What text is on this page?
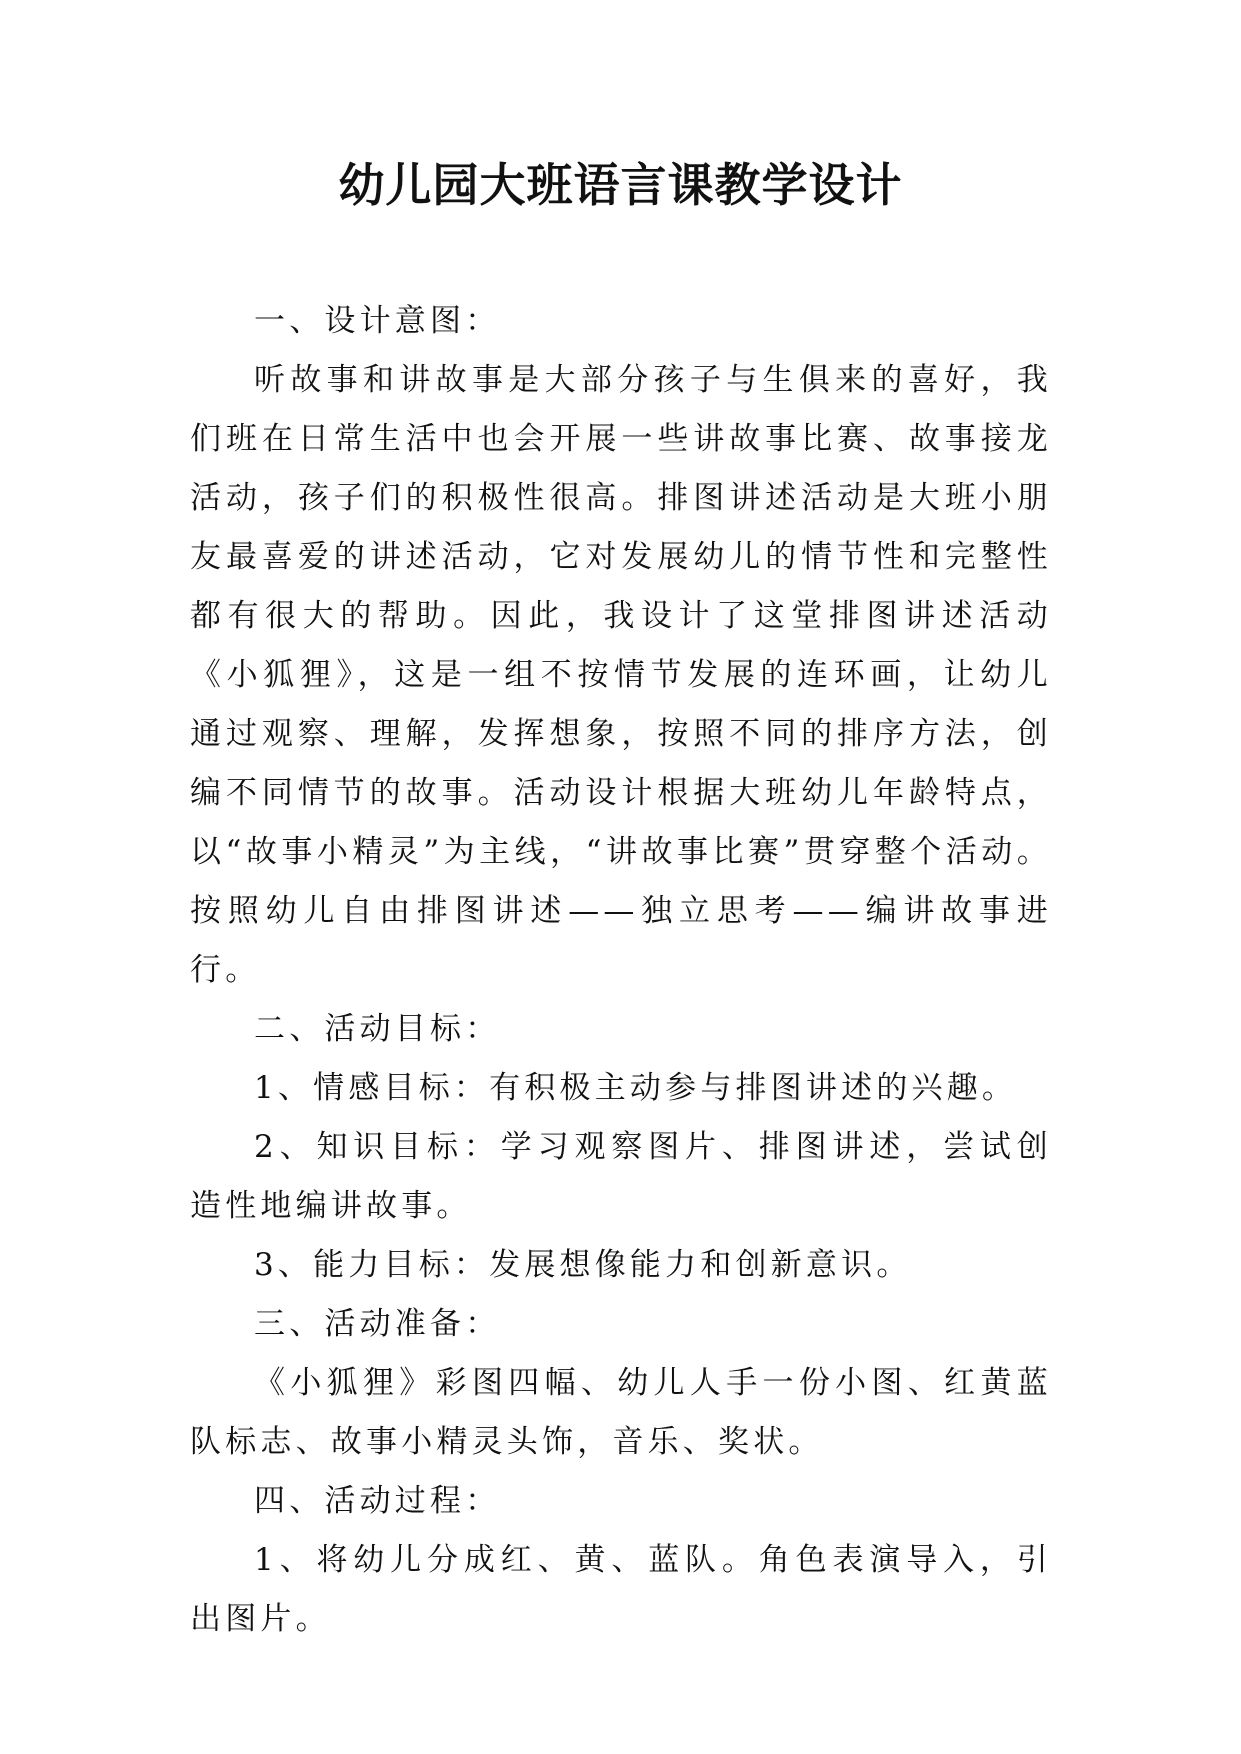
幼儿园大班语言课教学设计

一、设计意图：

听故事和讲故事是大部分孩子与生俱来的喜好，我们班在日常生活中也会开展一些讲故事比赛、故事接龙活动，孩子们的积极性很高。排图讲述活动是大班小朋友最喜爱的讲述活动，它对发展幼儿的情节性和完整性都有很大的帮助。因此，我设计了这堂排图讲述活动《小狐狸》，这是一组不按情节发展的连环画，让幼儿通过观察、理解，发挥想象，按照不同的排序方法，创编不同情节的故事。活动设计根据大班幼儿年龄特点，以“故事小精灵”为主线，“讲故事比赛”贯穿整个活动。按照幼儿自由排图讲述——独立思考——编讲故事进行。

二、活动目标：

1、情感目标：有积极主动参与排图讲述的兴趣。

2、知识目标：学习观察图片、排图讲述，尝试创造性地编讲故事。

3、能力目标：发展想像能力和创新意识。

三、活动准备：

《小狐狸》彩图四幅、幼儿人手一份小图、红黄蓝队标志、故事小精灵头饰，音乐、奖状。

四、活动过程：

1、将幼儿分成红、黄、蓝队。角色表演导入，引出图片。
